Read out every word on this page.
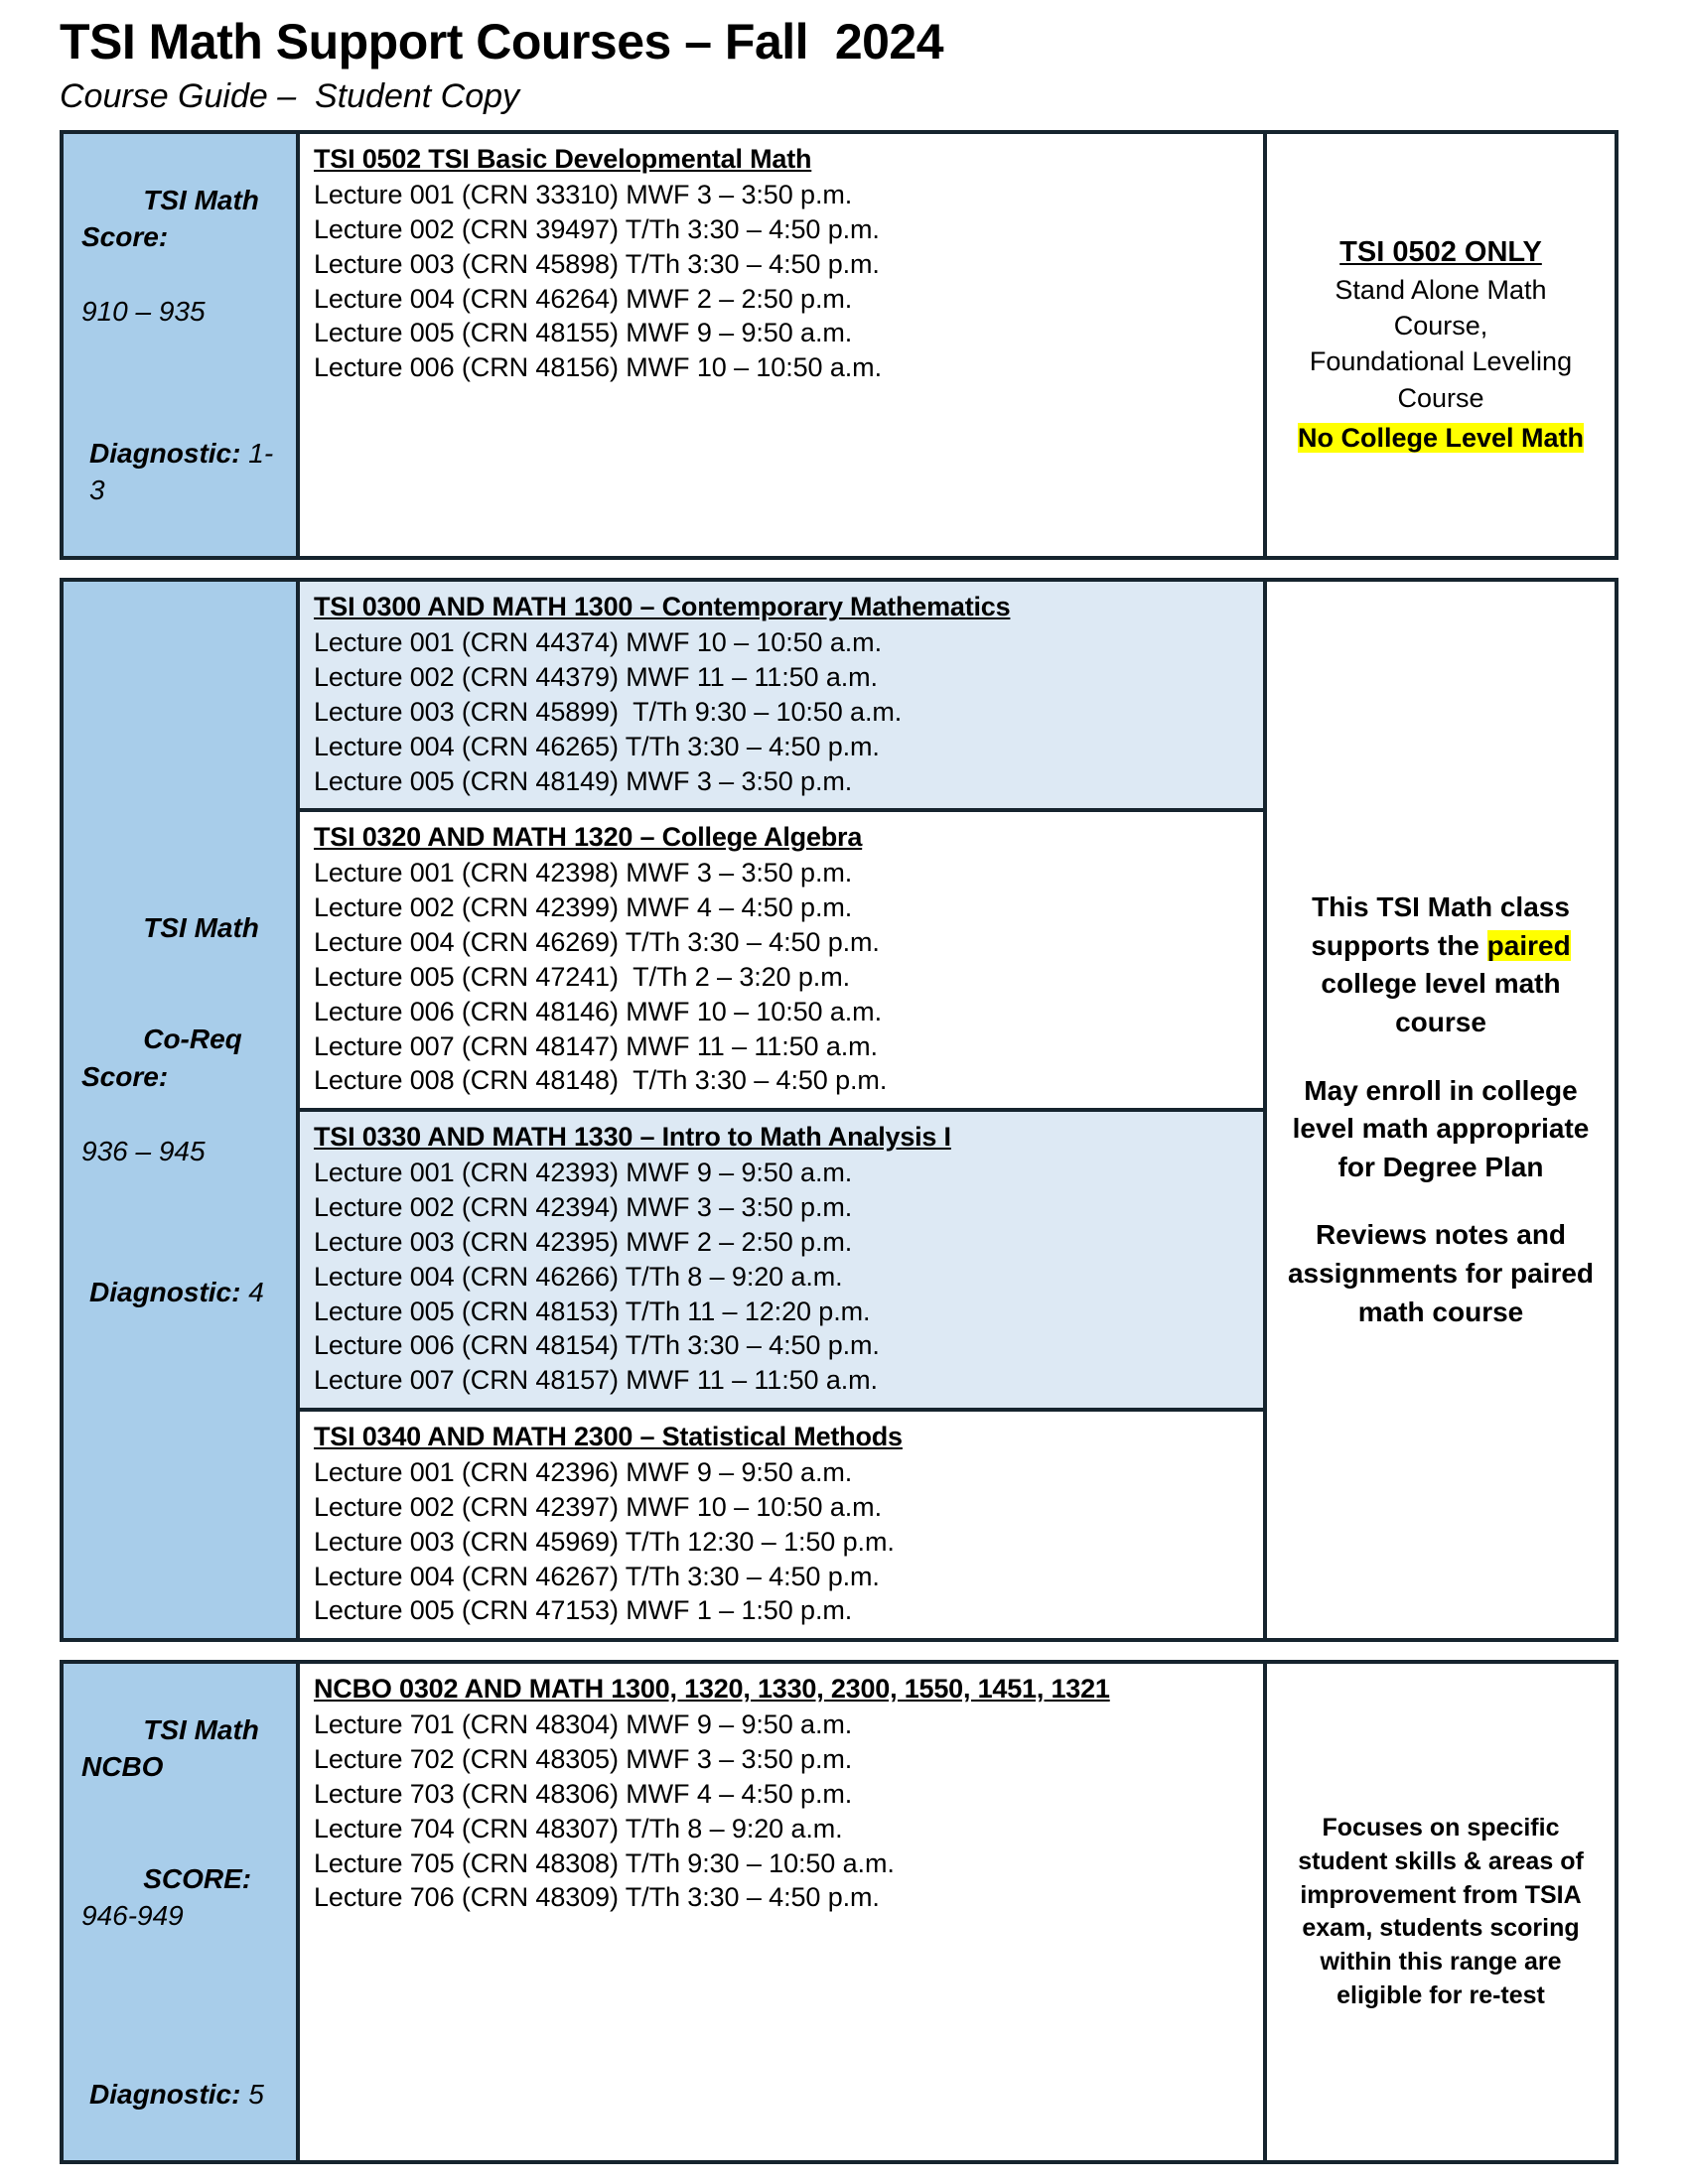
TSI Math Support Courses – Fall  2024
Course Guide –  Student Copy

TSI Math Score:

910 – 935

Diagnostic: 1-3

TSI 0502 TSI Basic Developmental Math
Lecture 001 (CRN 33310) MWF 3 – 3:50 p.m.
Lecture 002 (CRN 39497) T/Th 3:30 – 4:50 p.m.
Lecture 003 (CRN 45898) T/Th 3:30 – 4:50 p.m.
Lecture 004 (CRN 46264) MWF 2 – 2:50 p.m.
Lecture 005 (CRN 48155) MWF 9 – 9:50 a.m.
Lecture 006 (CRN 48156) MWF 10 – 10:50 a.m.
TSI 0502 ONLY
Stand Alone Math
Course,
Foundational Leveling
Course
No College Level Math

TSI Math

Co-Req Score:

936 – 945

Diagnostic: 4

TSI 0300 AND MATH 1300 – Contemporary Mathematics
Lecture 001 (CRN 44374) MWF 10 – 10:50 a.m.
Lecture 002 (CRN 44379) MWF 11 – 11:50 a.m.
Lecture 003 (CRN 45899)  T/Th 9:30 – 10:50 a.m.
Lecture 004 (CRN 46265) T/Th 3:30 – 4:50 p.m.
Lecture 005 (CRN 48149) MWF 3 – 3:50 p.m.
TSI 0320 AND MATH 1320 – College Algebra
Lecture 001 (CRN 42398) MWF 3 – 3:50 p.m.
Lecture 002 (CRN 42399) MWF 4 – 4:50 p.m.
Lecture 004 (CRN 46269) T/Th 3:30 – 4:50 p.m.
Lecture 005 (CRN 47241)  T/Th 2 – 3:20 p.m.
Lecture 006 (CRN 48146) MWF 10 – 10:50 a.m.
Lecture 007 (CRN 48147) MWF 11 – 11:50 a.m.
Lecture 008 (CRN 48148)  T/Th 3:30 – 4:50 p.m.
TSI 0330 AND MATH 1330 – Intro to Math Analysis I
Lecture 001 (CRN 42393) MWF 9 – 9:50 a.m.
Lecture 002 (CRN 42394) MWF 3 – 3:50 p.m.
Lecture 003 (CRN 42395) MWF 2 – 2:50 p.m.
Lecture 004 (CRN 46266) T/Th 8 – 9:20 a.m.
Lecture 005 (CRN 48153) T/Th 11 – 12:20 p.m.
Lecture 006 (CRN 48154) T/Th 3:30 – 4:50 p.m.
Lecture 007 (CRN 48157) MWF 11 – 11:50 a.m.
TSI 0340 AND MATH 2300 – Statistical Methods
Lecture 001 (CRN 42396) MWF 9 – 9:50 a.m.
Lecture 002 (CRN 42397) MWF 10 – 10:50 a.m.
Lecture 003 (CRN 45969) T/Th 12:30 – 1:50 p.m.
Lecture 004 (CRN 46267) T/Th 3:30 – 4:50 p.m.
Lecture 005 (CRN 47153) MWF 1 – 1:50 p.m.
This TSI Math class supports the paired college level math course
May enroll in college level math appropriate for Degree Plan
Reviews notes and assignments for paired math course

TSI Math NCBO

SCORE: 946-949

Diagnostic: 5

NCBO 0302 AND MATH 1300, 1320, 1330, 2300, 1550, 1451, 1321
Lecture 701 (CRN 48304) MWF 9 – 9:50 a.m.
Lecture 702 (CRN 48305) MWF 3 – 3:50 p.m.
Lecture 703 (CRN 48306) MWF 4 – 4:50 p.m.
Lecture 704 (CRN 48307) T/Th 8 – 9:20 a.m.
Lecture 705 (CRN 48308) T/Th 9:30 – 10:50 a.m.
Lecture 706 (CRN 48309) T/Th 3:30 – 4:50 p.m.
Focuses on specific student skills & areas of improvement from TSIA exam, students scoring within this range are eligible for re-test
